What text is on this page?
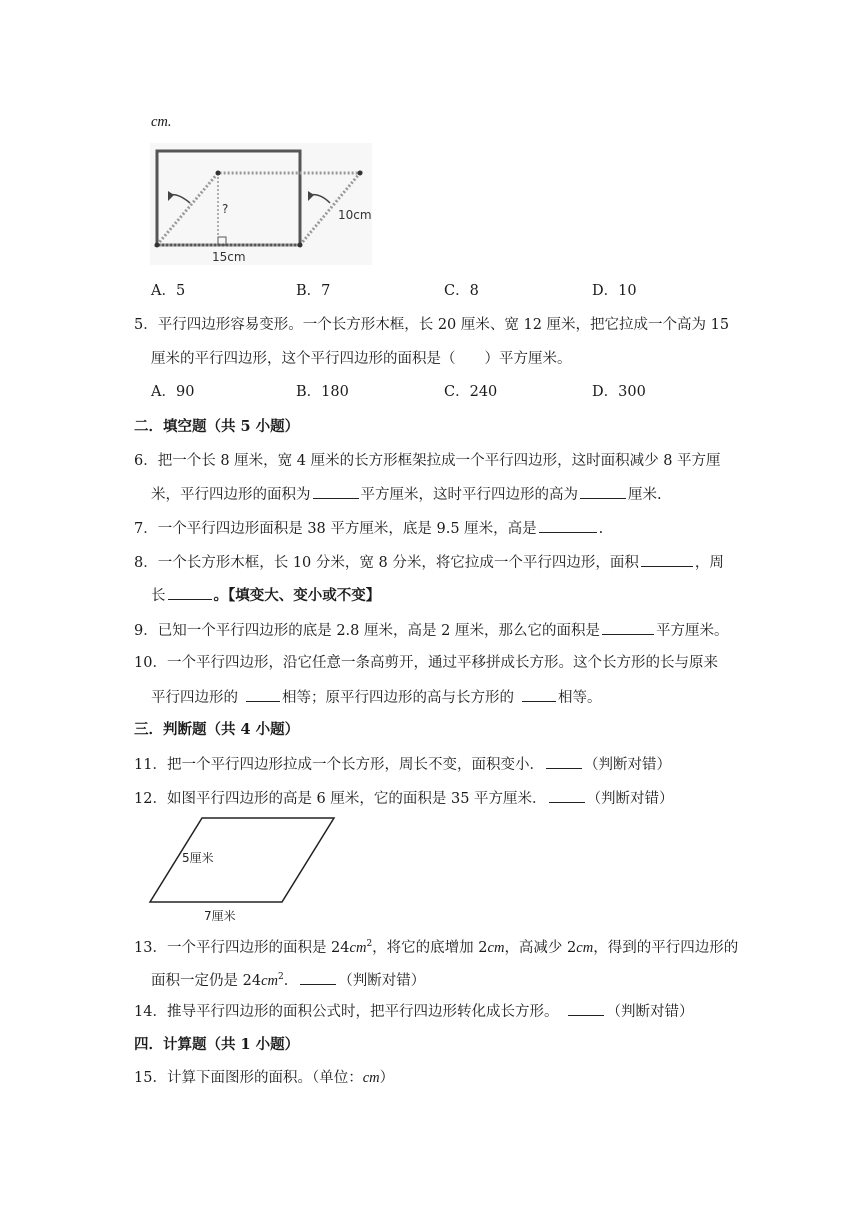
cm.
?	10cm
15cm
A．5	B．7	C．8	D．10
5．平行四边形容易变形。一个长方形木框，长 20 厘米、宽 12 厘米，把它拉成一个高为 15
厘米的平行四边形，这个平行四边形的面积是（　　）平方厘米。
A．90	B．180	C．240	D．300
二．填空题（共 5 小题）
6．把一个长 8 厘米，宽 4 厘米的长方形框架拉成一个平行四边形，这时面积减少 8 平方厘
米，平行四边形的面积为	平方厘米，这时平行四边形的高为	厘米.
7．一个平行四边形面积是 38 平方厘米，底是 9.5 厘米，高是	.
8．一个长方形木框，长 10 分米，宽 8 分米，将它拉成一个平行四边形，面积	，周
长	。【填变大、变小或不变】
9．已知一个平行四边形的底是 2.8 厘米，高是 2 厘米，那么它的面积是	平方厘米。
10．一个平行四边形，沿它任意一条高剪开，通过平移拼成长方形。这个长方形的长与原来
平行四边形的	相等；原平行四边形的高与长方形的	相等。
三．判断题（共 4 小题）
11．把一个平行四边形拉成一个长方形，周长不变，面积变小．	（判断对错）
12．如图平行四边形的高是 6 厘米，它的面积是 35 平方厘米．	（判断对错）
5厘米
7厘米
13．一个平行四边形的面积是 $24cm^2$，将它的底增加 2cm，高减少 2cm，得到的平行四边形的
面积一定仍是 $24cm^2$．	（判断对错）
14．推导平行四边形的面积公式时，把平行四边形转化成长方形。	（判断对错）
四．计算题（共 1 小题）
15．计算下面图形的面积。（单位：cm）
